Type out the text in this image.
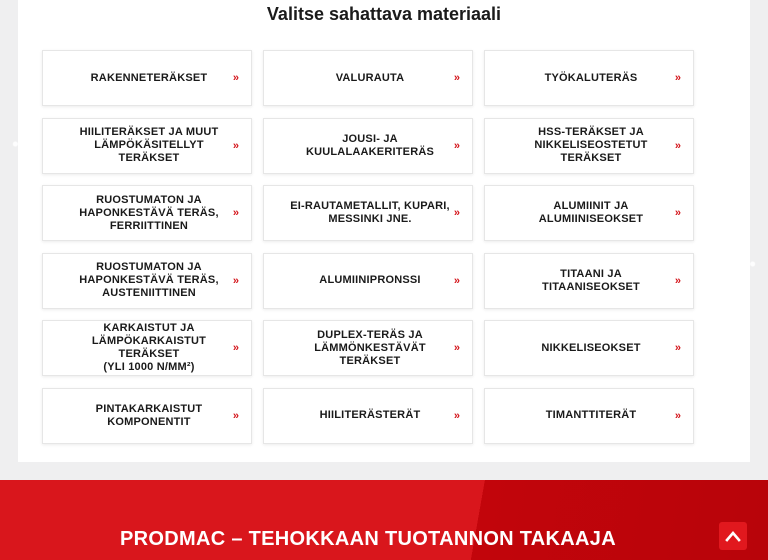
Valitse sahattava materiaali
RAKENNETERÄKSET »	VALURAUTA	»	TYÖKALUTERÄS	»
HIILITERÄKSET JA MUUT
LÄMPÖKÄSITELLYT TERÄKSET
»
JOUSI- JA
KUULALAAKERITERÄS »
HSS-TERÄKSET JA
NIKKELISEOSTETUT TERÄKSET
»
RUOSTUMATON JA
HAPONKESTÄVÄ TERÄS,
FERRIITTINEN
»
EI-RAUTAMETALLIT, KUPARI,
MESSINKI JNE.	»
ALUMIINIT JA
ALUMIINISEOKSET	»
RUOSTUMATON JA
HAPONKESTÄVÄ TERÄS,
AUSTENIITTINEN
»	ALUMIINIPRONSSI	»
TITAANI JA TITAANISEOKSET	»
KARKAISTUT JA
LÄMPÖKARKAISTUT TERÄKSET
(YLI 1000 N/MM²)
»
DUPLEX-TERÄS JA
LÄMMÖNKESTÄVÄT TERÄKSET
»	NIKKELISEOKSET	»
PINTAKARKAISTUT
KOMPONENTIT	»	HIILITERÄSTERÄT	»	TIMANTTITERÄT	»
PRODMAC – TEHOKKAAN TUOTANNON TAKAAJA
